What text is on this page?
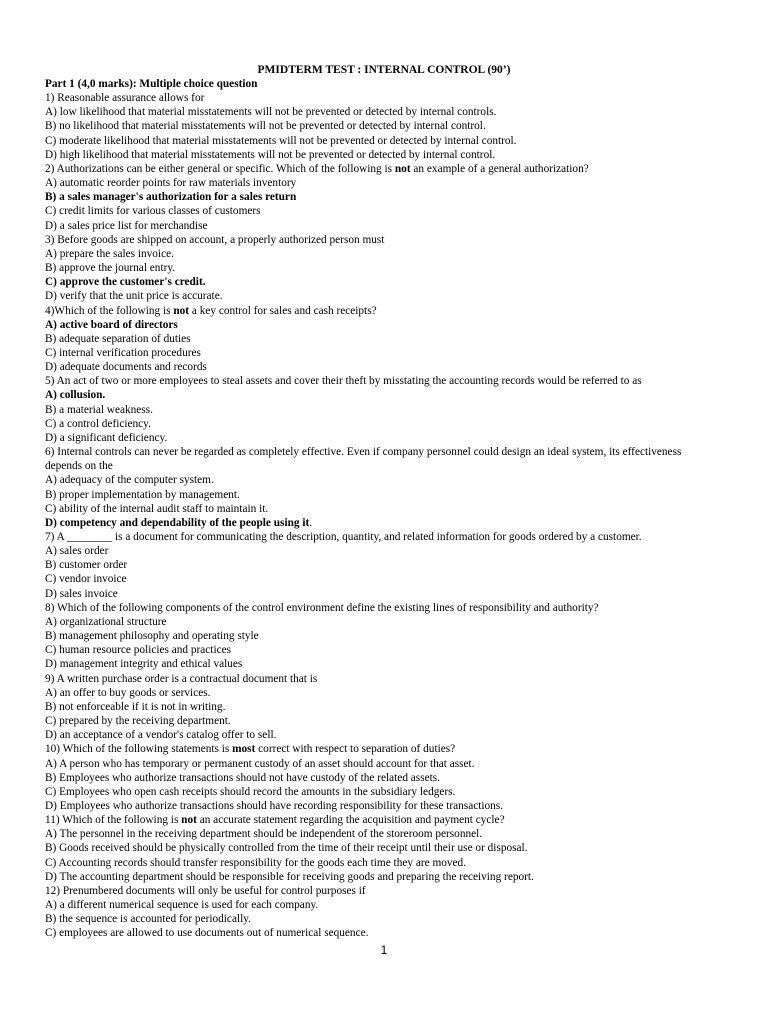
PMIDTERM TEST : INTERNAL CONTROL (90’)
Part 1 (4,0 marks): Multiple choice question
1) Reasonable assurance allows for
A) low likelihood that material misstatements will not be prevented or detected by internal controls.
B) no likelihood that material misstatements will not be prevented or detected by internal control.
C) moderate likelihood that material misstatements will not be prevented or detected by internal control.
D) high likelihood that material misstatements will not be prevented or detected by internal control.
2) Authorizations can be either general or specific. Which of the following is not an example of a general authorization?
A) automatic reorder points for raw materials inventory
B) a sales manager's authorization for a sales return
C) credit limits for various classes of customers
D) a sales price list for merchandise
3) Before goods are shipped on account, a properly authorized person must
A) prepare the sales invoice.
B) approve the journal entry.
C) approve the customer's credit.
D) verify that the unit price is accurate.
4)Which of the following is not a key control for sales and cash receipts?
A) active board of directors
B) adequate separation of duties
C) internal verification procedures
D) adequate documents and records
5) An act of two or more employees to steal assets and cover their theft by misstating the accounting records would be referred to as
A) collusion.
B) a material weakness.
C) a control deficiency.
D) a significant deficiency.
6) Internal controls can never be regarded as completely effective. Even if company personnel could design an ideal system, its effectiveness
depends on the
A) adequacy of the computer system.
B) proper implementation by management.
C) ability of the internal audit staff to maintain it.
D) competency and dependability of the people using it.
7) A ________ is a document for communicating the description, quantity, and related information for goods ordered by a customer.
A) sales order
B) customer order
C) vendor invoice
D) sales invoice
8) Which of the following components of the control environment define the existing lines of responsibility and authority?
A) organizational structure
B) management philosophy and operating style
C) human resource policies and practices
D) management integrity and ethical values
9) A written purchase order is a contractual document that is
A) an offer to buy goods or services.
B) not enforceable if it is not in writing.
C) prepared by the receiving department.
D) an acceptance of a vendor's catalog offer to sell.
10) Which of the following statements is most correct with respect to separation of duties?
A) A person who has temporary or permanent custody of an asset should account for that asset.
B) Employees who authorize transactions should not have custody of the related assets.
C) Employees who open cash receipts should record the amounts in the subsidiary ledgers.
D) Employees who authorize transactions should have recording responsibility for these transactions.
11) Which of the following is not an accurate statement regarding the acquisition and payment cycle?
A) The personnel in the receiving department should be independent of the storeroom personnel.
B) Goods received should be physically controlled from the time of their receipt until their use or disposal.
C) Accounting records should transfer responsibility for the goods each time they are moved.
D) The accounting department should be responsible for receiving goods and preparing the receiving report.
12) Prenumbered documents will only be useful for control purposes if
A) a different numerical sequence is used for each company.
B) the sequence is accounted for periodically.
C) employees are allowed to use documents out of numerical sequence.
1
